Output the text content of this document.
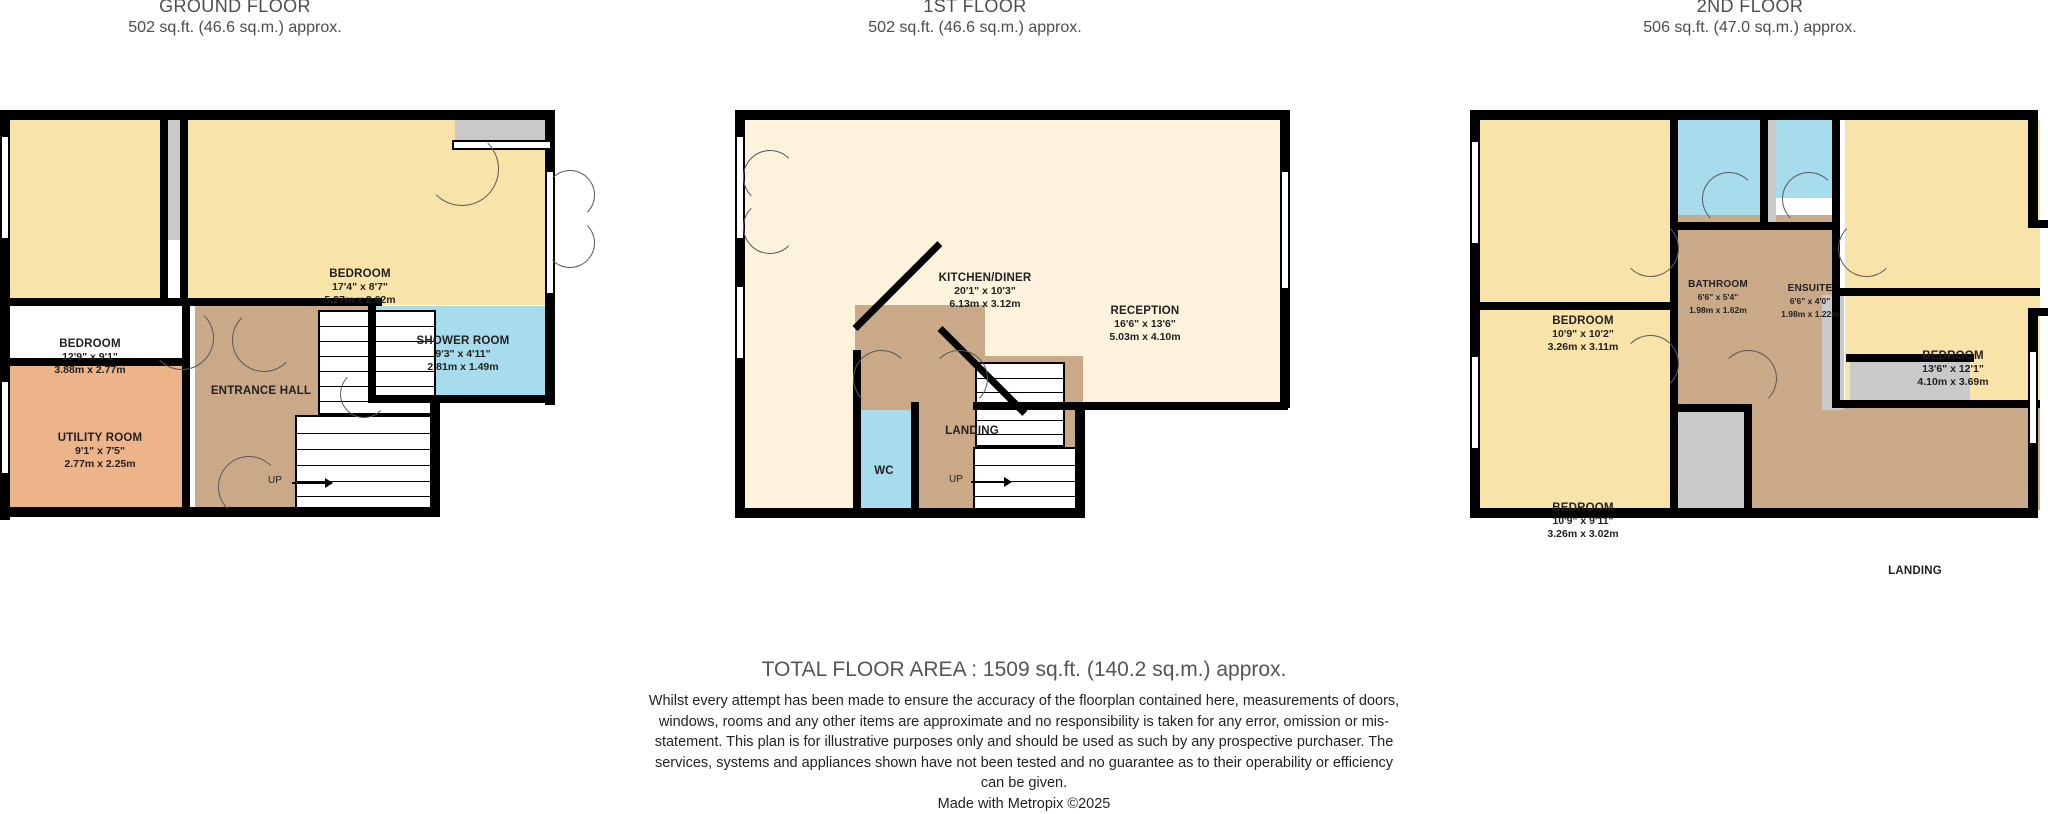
GROUND FLOOR
502 sq.ft. (46.6 sq.m.) approx.
1ST FLOOR
502 sq.ft. (46.6 sq.m.) approx.
2ND FLOOR
506 sq.ft. (47.0 sq.m.) approx.
UP
BEDROOM
12'9" x 9'1"
3.88m x 2.77m
BEDROOM
17'4" x 8'7"
5.27m x 2.62m
SHOWER ROOM
9'3" x 4'11"
2.81m x 1.49m
ENTRANCE HALL
UTILITY ROOM
9'1" x 7'5"
2.77m x 2.25m
UP
KITCHEN/DINER
20'1" x 10'3"
6.13m x 3.12m
RECEPTION
16'6" x 13'6"
5.03m x 4.10m
LANDING
WC
BEDROOM
10'9" x 10'2"
3.26m x 3.11m
BEDROOM
10'9" x 9'11"
3.26m x 3.02m
BATHROOM
6'6" x 5'4"
1.98m x 1.62m
ENSUITE
6'6" x 4'0"
1.98m x 1.22m
BEDROOM
13'6" x 12'1"
4.10m x 3.69m
LANDING
TOTAL FLOOR AREA : 1509 sq.ft. (140.2 sq.m.) approx.
Whilst every attempt has been made to ensure the accuracy of the floorplan contained here, measurements of doors, windows, rooms and any other items are approximate and no responsibility is taken for any error, omission or mis-statement. This plan is for illustrative purposes only and should be used as such by any prospective purchaser. The services, systems and appliances shown have not been tested and no guarantee as to their operability or efficiency can be given.
Made with Metropix ©2025
